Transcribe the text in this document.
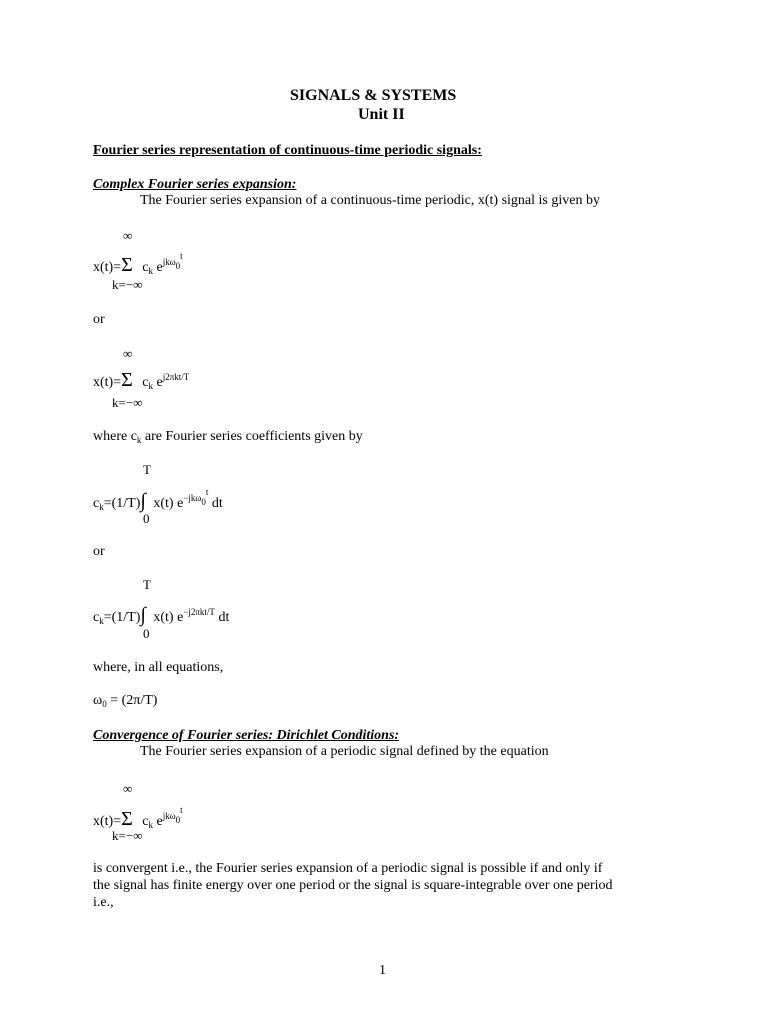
SIGNALS & SYSTEMS
Unit II
Fourier series representation of continuous-time periodic signals:
Complex Fourier series expansion:
The Fourier series expansion of a continuous-time periodic, x(t) signal is given by
∞
x(t)=Σ $c_k$ $e^{jk\omega 0^t}$
k=−∞
or
∞
x(t)=Σ $c_k$ $e^{j2\pi kt/T}$
k=−∞
where $c_k$ are Fourier series coefficients given by
T
$c_k=(1/T)\int$ x(t) $e^{-jk\omega 0^t}$ dt
0
or
T
$c_k=(1/T)\int$ x(t) $e^{-j2\pi kt/T}$ dt
0
where, in all equations,
$\omega_0 = (2\pi/T)$
Convergence of Fourier series: Dirichlet Conditions:
The Fourier series expansion of a periodic signal defined by the equation
∞
x(t)=Σ $c_k$ $e^{jk\omega 0^t}$
k=−∞
is convergent i.e., the Fourier series expansion of a periodic signal is possible if and only if
the signal has finite energy over one period or the signal is square-integrable over one period
i.e.,
1
